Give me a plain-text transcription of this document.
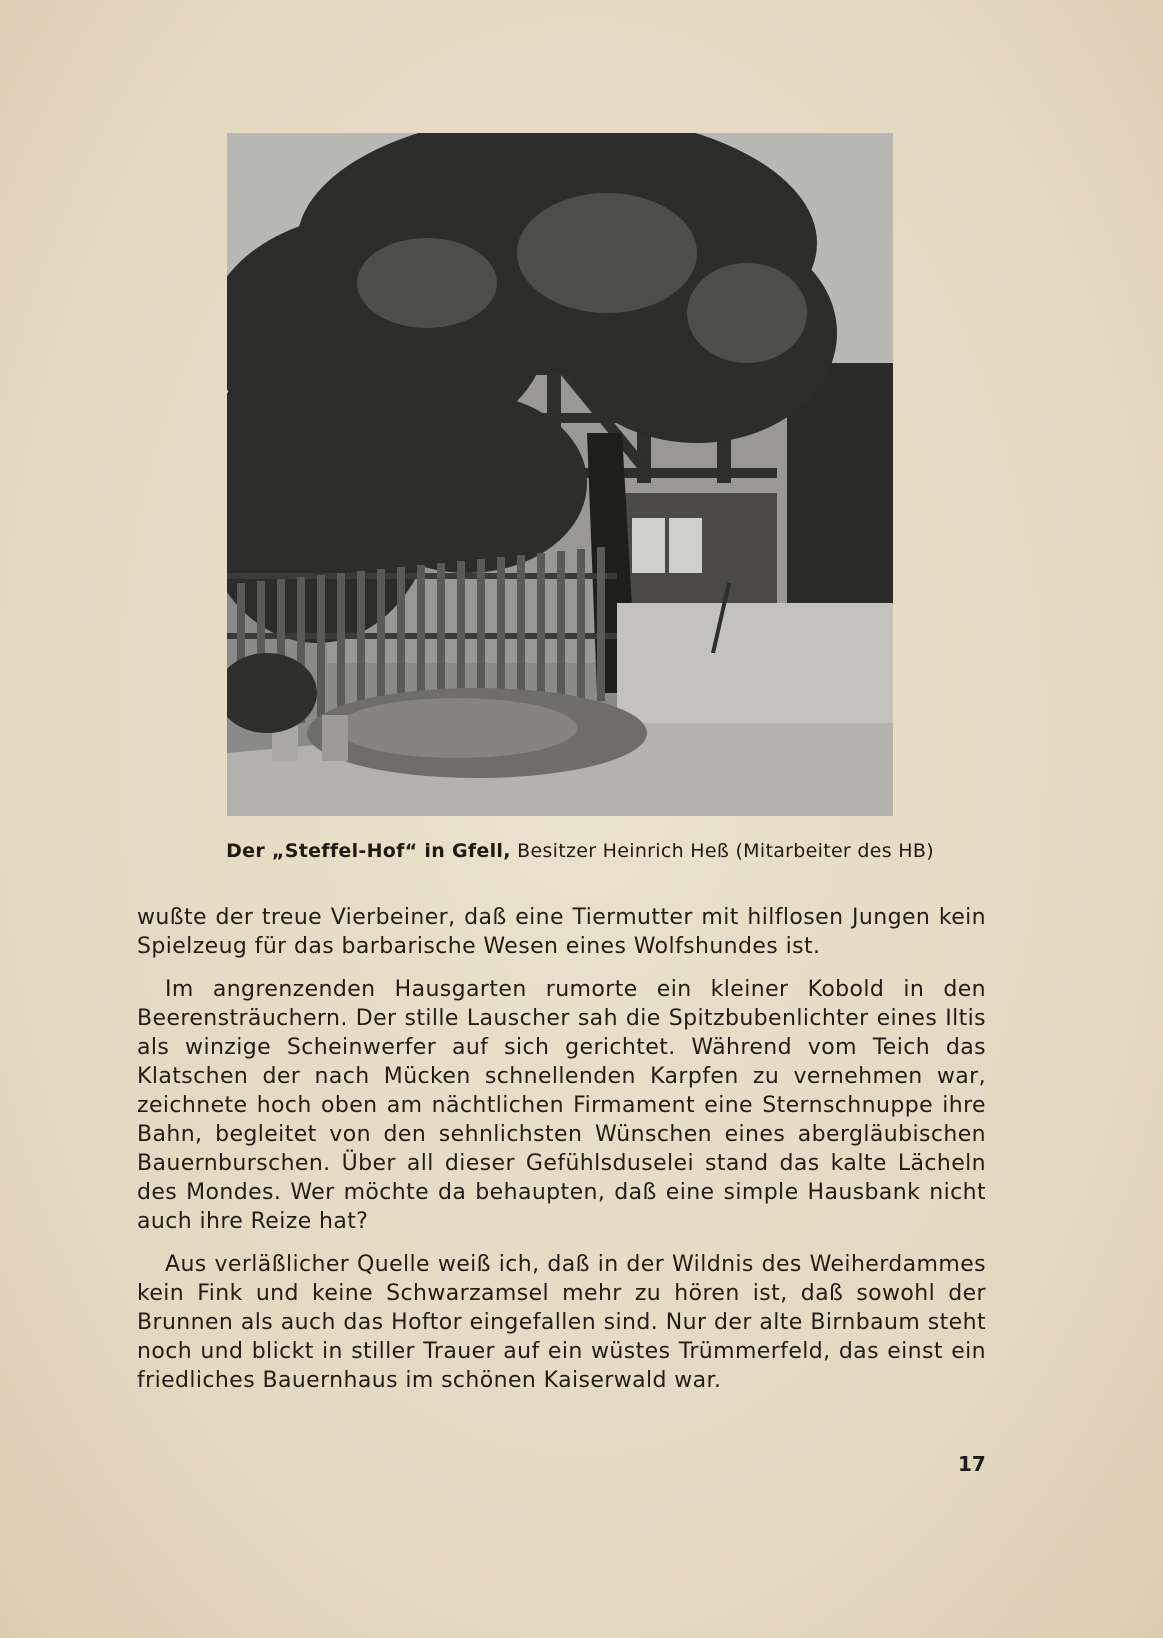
Der „Steffel-Hof“ in Gfell, Besitzer Heinrich Heß (Mitarbeiter des HB)

wußte der treue Vierbeiner, daß eine Tiermutter mit hilflosen Jungen kein Spielzeug für das barbarische Wesen eines Wolfshundes ist.

Im angrenzenden Hausgarten rumorte ein kleiner Kobold in den Beerensträuchern. Der stille Lauscher sah die Spitzbubenlichter eines Iltis als winzige Scheinwerfer auf sich gerichtet. Während vom Teich das Klatschen der nach Mücken schnellenden Karpfen zu vernehmen war, zeichnete hoch oben am nächtlichen Firmament eine Sternschnuppe ihre Bahn, begleitet von den sehnlichsten Wünschen eines abergläubischen Bauernburschen. Über all dieser Gefühlsduselei stand das kalte Lächeln des Mondes. Wer möchte da behaupten, daß eine simple Hausbank nicht auch ihre Reize hat?

Aus verläßlicher Quelle weiß ich, daß in der Wildnis des Weiherdammes kein Fink und keine Schwarzamsel mehr zu hören ist, daß sowohl der Brunnen als auch das Hoftor eingefallen sind. Nur der alte Birnbaum steht noch und blickt in stiller Trauer auf ein wüstes Trümmerfeld, das einst ein friedliches Bauernhaus im schönen Kaiserwald war.

17
